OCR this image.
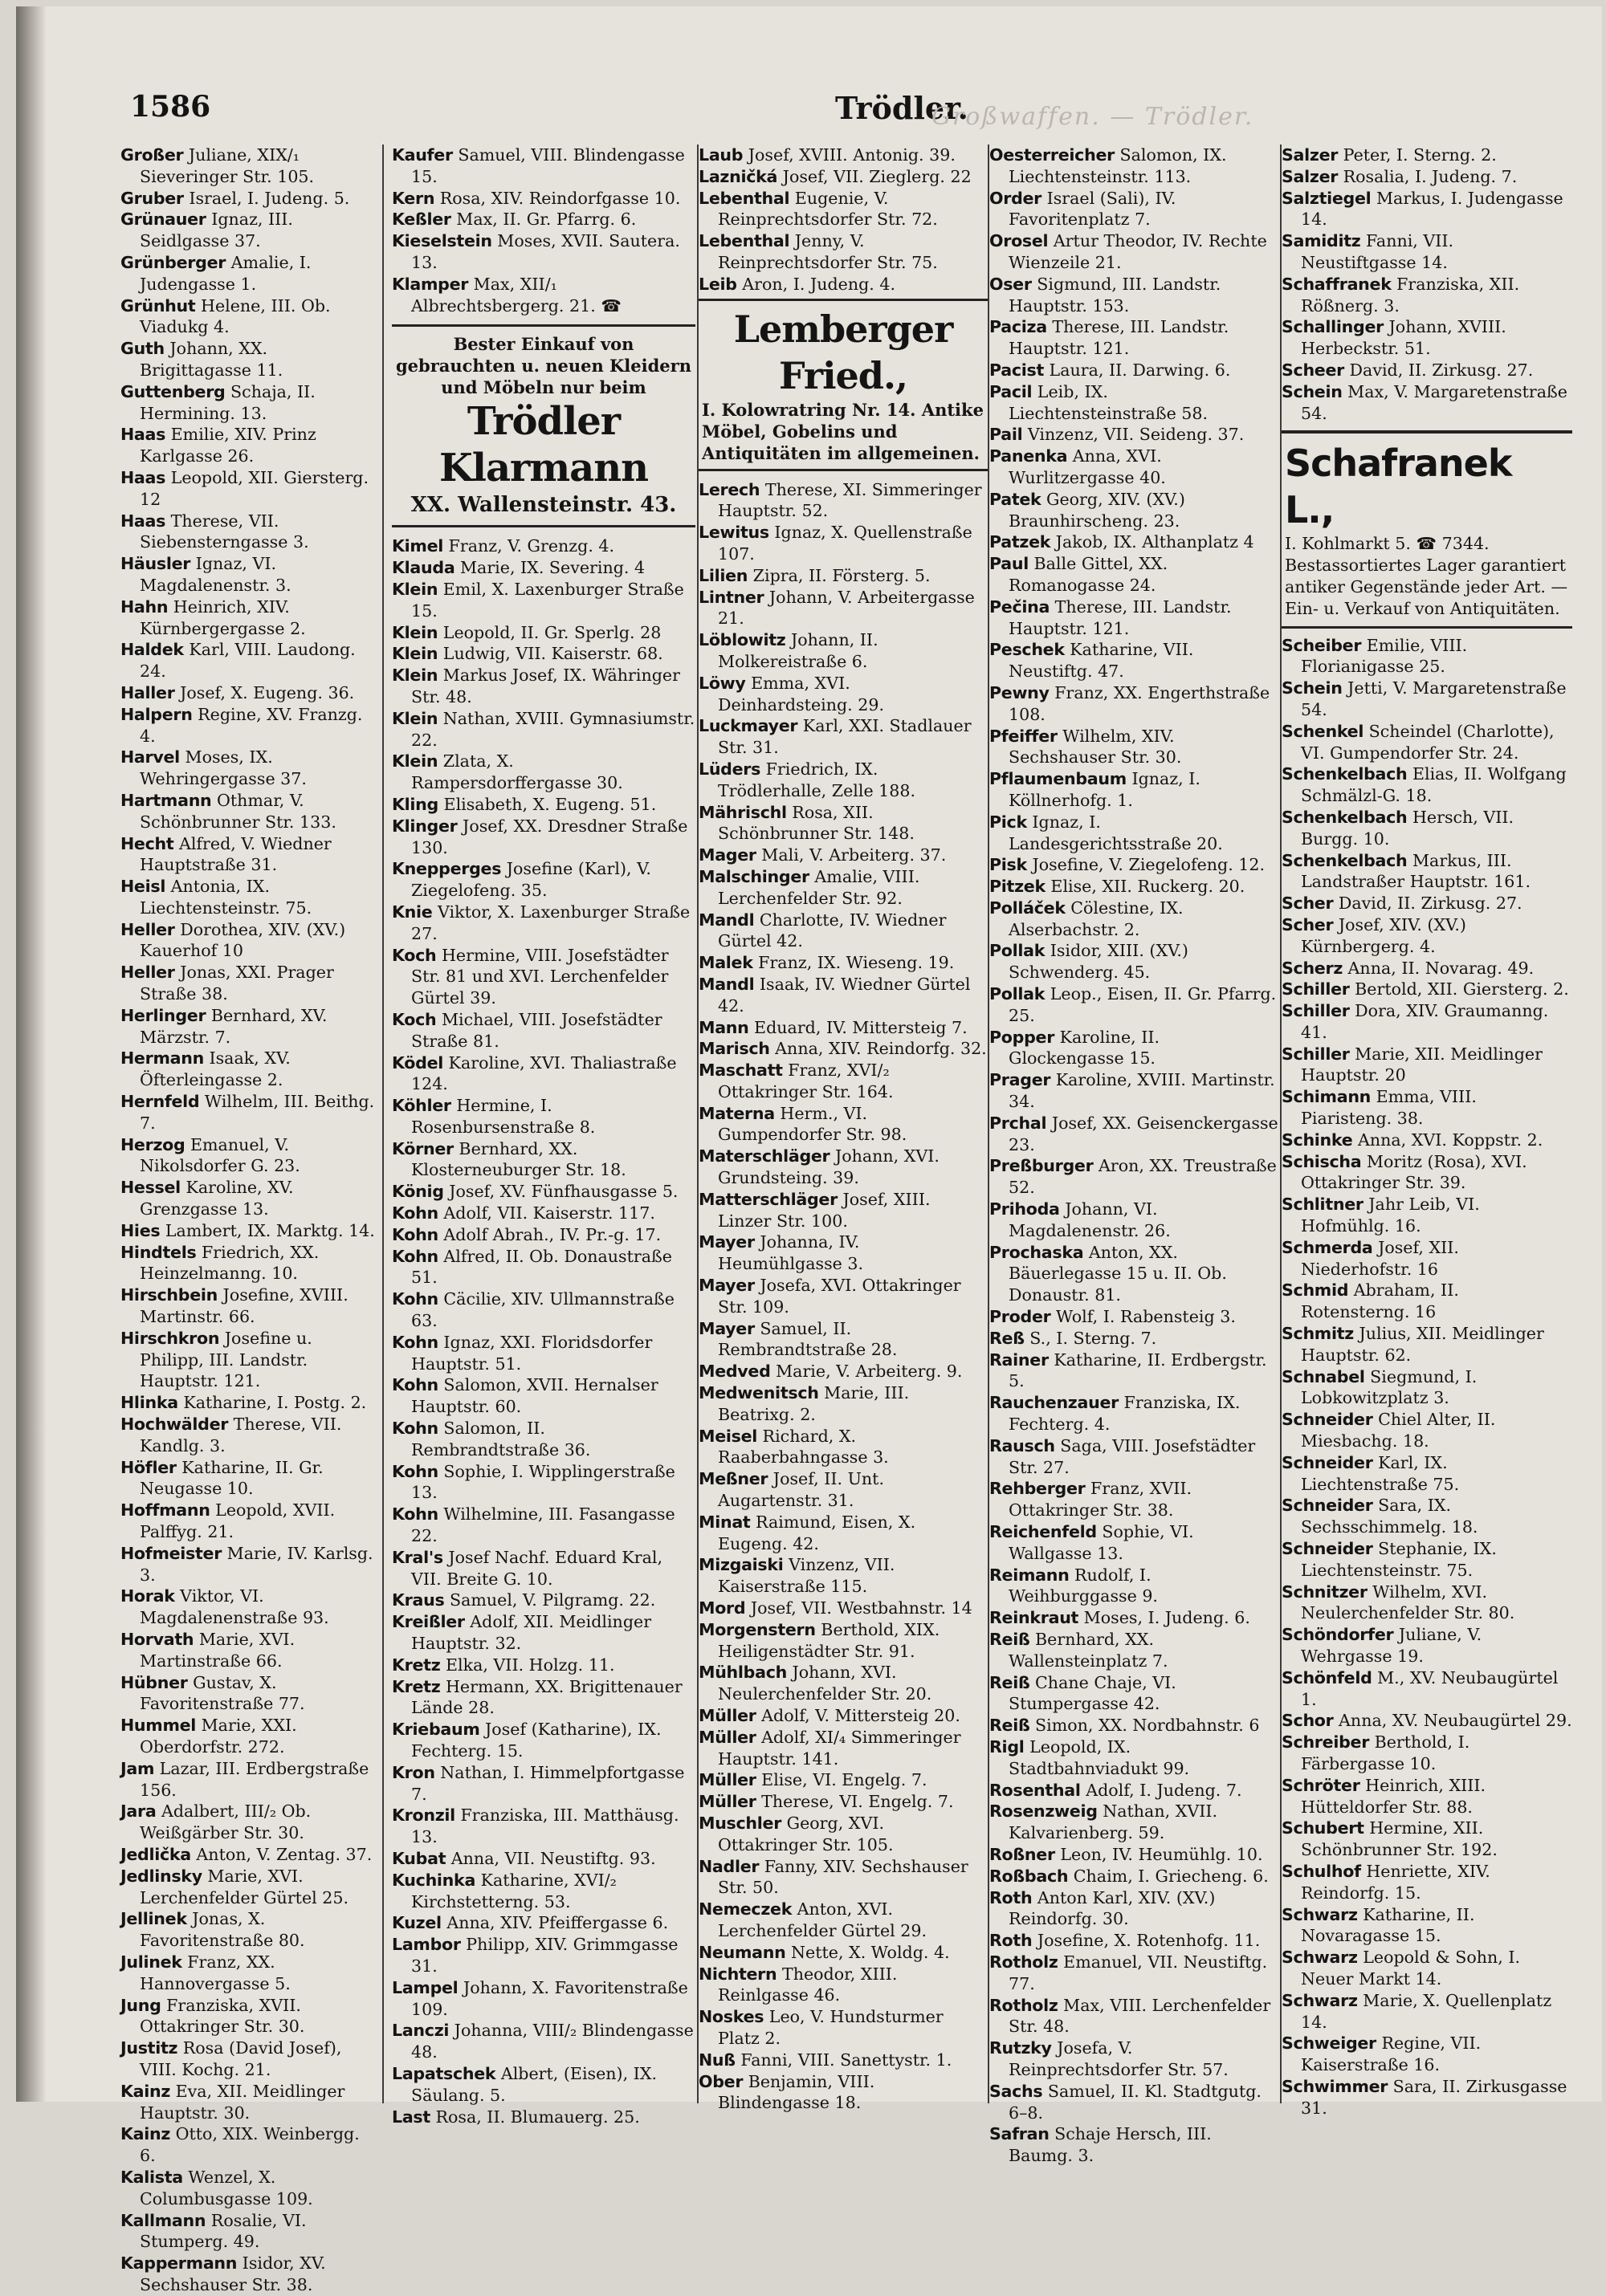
1586	Trödler.
Großwaffen. — Trödler.

Großer Juliane, XIX/₁ Sieveringer Str. 105.

Gruber Israel, I. Judeng. 5.

Grünauer Ignaz, III. Seidlgasse 37.

Grünberger Amalie, I. Judengasse 1.

Grünhut Helene, III. Ob. Viadukg 4.

Guth Johann, XX. Brigittagasse 11.

Guttenberg Schaja, II. Hermining. 13.

Haas Emilie, XIV. Prinz Karlgasse 26.

Haas Leopold, XII. Giersterg. 12

Haas Therese, VII. Siebensterngasse 3.

Häusler Ignaz, VI. Magdalenenstr. 3.

Hahn Heinrich, XIV. Kürnbergergasse 2.

Haldek Karl, VIII. Laudong. 24.

Haller Josef, X. Eugeng. 36.

Halpern Regine, XV. Franzg. 4.

Harvel Moses, IX. Wehringergasse 37.

Hartmann Othmar, V. Schönbrunner Str. 133.

Hecht Alfred, V. Wiedner Hauptstraße 31.

Heisl Antonia, IX. Liechtensteinstr. 75.

Heller Dorothea, XIV. (XV.) Kauerhof 10

Heller Jonas, XXI. Prager Straße 38.

Herlinger Bernhard, XV. Märzstr. 7.

Hermann Isaak, XV. Öfterleingasse 2.

Hernfeld Wilhelm, III. Beithg. 7.

Herzog Emanuel, V. Nikolsdorfer G. 23.

Hessel Karoline, XV. Grenzgasse 13.

Hies Lambert, IX. Marktg. 14.

Hindtels Friedrich, XX. Heinzelmanng. 10.

Hirschbein Josefine, XVIII. Martinstr. 66.

Hirschkron Josefine u. Philipp, III. Landstr. Hauptstr. 121.

Hlinka Katharine, I. Postg. 2.

Hochwälder Therese, VII. Kandlg. 3.

Höfler Katharine, II. Gr. Neugasse 10.

Hoffmann Leopold, XVII. Palffyg. 21.

Hofmeister Marie, IV. Karlsg. 3.

Horak Viktor, VI. Magdalenenstraße 93.

Horvath Marie, XVI. Martinstraße 66.

Hübner Gustav, X. Favoritenstraße 77.

Hummel Marie, XXI. Oberdorfstr. 272.

Jam Lazar, III. Erdbergstraße 156.

Jara Adalbert, III/₂ Ob. Weißgärber Str. 30.

Jedlička Anton, V. Zentag. 37.

Jedlinsky Marie, XVI. Lerchenfelder Gürtel 25.

Jellinek Jonas, X. Favoritenstraße 80.

Julinek Franz, XX. Hannovergasse 5.

Jung Franziska, XVII. Ottakringer Str. 30.

Justitz Rosa (David Josef), VIII. Kochg. 21.

Kainz Eva, XII. Meidlinger Hauptstr. 30.

Kainz Otto, XIX. Weinbergg. 6.

Kalista Wenzel, X. Columbusgasse 109.

Kallmann Rosalie, VI. Stumperg. 49.

Kappermann Isidor, XV. Sechshauser Str. 38.

Kaufer Samuel, VIII. Blindengasse 15.

Kern Rosa, XIV. Reindorfgasse 10.

Keßler Max, II. Gr. Pfarrg. 6.

Kieselstein Moses, XVII. Sautera. 13.

Klamper Max, XII/₁ Albrechtsbergerg. 21. ☎

Bester Einkauf von gebrauchten u. neuen Kleidern und Möbeln nur beim
Trödler Klarmann
XX. Wallensteinstr. 43.

Kimel Franz, V. Grenzg. 4.

Klauda Marie, IX. Severing. 4

Klein Emil, X. Laxenburger Straße 15.

Klein Leopold, II. Gr. Sperlg. 28

Klein Ludwig, VII. Kaiserstr. 68.

Klein Markus Josef, IX. Währinger Str. 48.

Klein Nathan, XVIII. Gymnasiumstr. 22.

Klein Zlata, X. Rampersdorffergasse 30.

Kling Elisabeth, X. Eugeng. 51.

Klinger Josef, XX. Dresdner Straße 130.

Knepperges Josefine (Karl), V. Ziegelofeng. 35.

Knie Viktor, X. Laxenburger Straße 27.

Koch Hermine, VIII. Josefstädter Str. 81 und XVI. Lerchenfelder Gürtel 39.

Koch Michael, VIII. Josefstädter Straße 81.

Ködel Karoline, XVI. Thaliastraße 124.

Köhler Hermine, I. Rosenbursenstraße 8.

Körner Bernhard, XX. Klosterneuburger Str. 18.

König Josef, XV. Fünfhausgasse 5.

Kohn Adolf, VII. Kaiserstr. 117.

Kohn Adolf Abrah., IV. Pr.-g. 17.

Kohn Alfred, II. Ob. Donaustraße 51.

Kohn Cäcilie, XIV. Ullmannstraße 63.

Kohn Ignaz, XXI. Floridsdorfer Hauptstr. 51.

Kohn Salomon, XVII. Hernalser Hauptstr. 60.

Kohn Salomon, II. Rembrandtstraße 36.

Kohn Sophie, I. Wipplingerstraße 13.

Kohn Wilhelmine, III. Fasangasse 22.

Kral's Josef Nachf. Eduard Kral, VII. Breite G. 10.

Kraus Samuel, V. Pilgramg. 22.

Kreißler Adolf, XII. Meidlinger Hauptstr. 32.

Kretz Elka, VII. Holzg. 11.

Kretz Hermann, XX. Brigittenauer Lände 28.

Kriebaum Josef (Katharine), IX. Fechterg. 15.

Kron Nathan, I. Himmelpfortgasse 7.

Kronzil Franziska, III. Matthäusg. 13.

Kubat Anna, VII. Neustiftg. 93.

Kuchinka Katharine, XVI/₂ Kirchstetterng. 53.

Kuzel Anna, XIV. Pfeiffergasse 6.

Lambor Philipp, XIV. Grimmgasse 31.

Lampel Johann, X. Favoritenstraße 109.

Lanczi Johanna, VIII/₂ Blindengasse 48.

Lapatschek Albert, (Eisen), IX. Säulang. 5.

Last Rosa, II. Blumauerg. 25.

Laub Josef, XVIII. Antonig. 39.

Lazničká Josef, VII. Zieglerg. 22

Lebenthal Eugenie, V. Reinprechtsdorfer Str. 72.

Lebenthal Jenny, V. Reinprechtsdorfer Str. 75.

Leib Aron, I. Judeng. 4.

Lemberger Fried.,
I. Kolowratring Nr. 14. Antike Möbel, Gobelins und Antiquitäten im allgemeinen.

Lerech Therese, XI. Simmeringer Hauptstr. 52.

Lewitus Ignaz, X. Quellenstraße 107.

Lilien Zipra, II. Försterg. 5.

Lintner Johann, V. Arbeitergasse 21.

Löblowitz Johann, II. Molkereistraße 6.

Löwy Emma, XVI. Deinhardsteing. 29.

Luckmayer Karl, XXI. Stadlauer Str. 31.

Lüders Friedrich, IX. Trödlerhalle, Zelle 188.

Mährischl Rosa, XII. Schönbrunner Str. 148.

Mager Mali, V. Arbeiterg. 37.

Malschinger Amalie, VIII. Lerchenfelder Str. 92.

Mandl Charlotte, IV. Wiedner Gürtel 42.

Malek Franz, IX. Wieseng. 19.

Mandl Isaak, IV. Wiedner Gürtel 42.

Mann Eduard, IV. Mittersteig 7.

Marisch Anna, XIV. Reindorfg. 32.

Maschatt Franz, XVI/₂ Ottakringer Str. 164.

Materna Herm., VI. Gumpendorfer Str. 98.

Materschläger Johann, XVI. Grundsteing. 39.

Matterschläger Josef, XIII. Linzer Str. 100.

Mayer Johanna, IV. Heumühlgasse 3.

Mayer Josefa, XVI. Ottakringer Str. 109.

Mayer Samuel, II. Rembrandtstraße 28.

Medved Marie, V. Arbeiterg. 9.

Medwenitsch Marie, III. Beatrixg. 2.

Meisel Richard, X. Raaberbahngasse 3.

Meßner Josef, II. Unt. Augartenstr. 31.

Minat Raimund, Eisen, X. Eugeng. 42.

Mizgaiski Vinzenz, VII. Kaiserstraße 115.

Mord Josef, VII. Westbahnstr. 14

Morgenstern Berthold, XIX. Heiligenstädter Str. 91.

Mühlbach Johann, XVI. Neulerchenfelder Str. 20.

Müller Adolf, V. Mittersteig 20.

Müller Adolf, XI/₄ Simmeringer Hauptstr. 141.

Müller Elise, VI. Engelg. 7.

Müller Therese, VI. Engelg. 7.

Muschler Georg, XVI. Ottakringer Str. 105.

Nadler Fanny, XIV. Sechshauser Str. 50.

Nemeczek Anton, XVI. Lerchenfelder Gürtel 29.

Neumann Nette, X. Woldg. 4.

Nichtern Theodor, XIII. Reinlgasse 46.

Noskes Leo, V. Hundsturmer Platz 2.

Nuß Fanni, VIII. Sanettystr. 1.

Ober Benjamin, VIII. Blindengasse 18.

Oesterreicher Salomon, IX. Liechtensteinstr. 113.

Order Israel (Sali), IV. Favoritenplatz 7.

Orosel Artur Theodor, IV. Rechte Wienzeile 21.

Oser Sigmund, III. Landstr. Hauptstr. 153.

Paciza Therese, III. Landstr. Hauptstr. 121.

Pacist Laura, II. Darwing. 6.

Pacil Leib, IX. Liechtensteinstraße 58.

Pail Vinzenz, VII. Seideng. 37.

Panenka Anna, XVI. Wurlitzergasse 40.

Patek Georg, XIV. (XV.) Braunhirscheng. 23.

Patzek Jakob, IX. Althanplatz 4

Paul Balle Gittel, XX. Romanogasse 24.

Pečina Therese, III. Landstr. Hauptstr. 121.

Peschek Katharine, VII. Neustiftg. 47.

Pewny Franz, XX. Engerthstraße 108.

Pfeiffer Wilhelm, XIV. Sechshauser Str. 30.

Pflaumenbaum Ignaz, I. Köllnerhofg. 1.

Pick Ignaz, I. Landesgerichtsstraße 20.

Pisk Josefine, V. Ziegelofeng. 12.

Pitzek Elise, XII. Ruckerg. 20.

Polláček Cölestine, IX. Alserbachstr. 2.

Pollak Isidor, XIII. (XV.) Schwenderg. 45.

Pollak Leop., Eisen, II. Gr. Pfarrg. 25.

Popper Karoline, II. Glockengasse 15.

Prager Karoline, XVIII. Martinstr. 34.

Prchal Josef, XX. Geisenckergasse 23.

Preßburger Aron, XX. Treustraße 52.

Prihoda Johann, VI. Magdalenenstr. 26.

Prochaska Anton, XX. Bäuerlegasse 15 u. II. Ob. Donaustr. 81.

Proder Wolf, I. Rabensteig 3.

Reß S., I. Sterng. 7.

Rainer Katharine, II. Erdbergstr. 5.

Rauchenzauer Franziska, IX. Fechterg. 4.

Rausch Saga, VIII. Josefstädter Str. 27.

Rehberger Franz, XVII. Ottakringer Str. 38.

Reichenfeld Sophie, VI. Wallgasse 13.

Reimann Rudolf, I. Weihburggasse 9.

Reinkraut Moses, I. Judeng. 6.

Reiß Bernhard, XX. Wallensteinplatz 7.

Reiß Chane Chaje, VI. Stumpergasse 42.

Reiß Simon, XX. Nordbahnstr. 6

Rigl Leopold, IX. Stadtbahnviadukt 99.

Rosenthal Adolf, I. Judeng. 7.

Rosenzweig Nathan, XVII. Kalvarienberg. 59.

Roßner Leon, IV. Heumühlg. 10.

Roßbach Chaim, I. Griecheng. 6.

Roth Anton Karl, XIV. (XV.) Reindorfg. 30.

Roth Josefine, X. Rotenhofg. 11.

Rotholz Emanuel, VII. Neustiftg. 77.

Rotholz Max, VIII. Lerchenfelder Str. 48.

Rutzky Josefa, V. Reinprechtsdorfer Str. 57.

Sachs Samuel, II. Kl. Stadtgutg. 6–8.

Safran Schaje Hersch, III. Baumg. 3.

Salzer Peter, I. Sterng. 2.

Salzer Rosalia, I. Judeng. 7.

Salztiegel Markus, I. Judengasse 14.

Samiditz Fanni, VII. Neustiftgasse 14.

Schaffranek Franziska, XII. Rößnerg. 3.

Schallinger Johann, XVIII. Herbeckstr. 51.

Scheer David, II. Zirkusg. 27.

Schein Max, V. Margaretenstraße 54.

Schafranek L.,
I. Kohlmarkt 5. ☎ 7344. Bestassortiertes Lager garantiert antiker Gegenstände jeder Art. — Ein- u. Verkauf von Antiquitäten.

Scheiber Emilie, VIII. Florianigasse 25.

Schein Jetti, V. Margaretenstraße 54.

Schenkel Scheindel (Charlotte), VI. Gumpendorfer Str. 24.

Schenkelbach Elias, II. Wolfgang Schmälzl-G. 18.

Schenkelbach Hersch, VII. Burgg. 10.

Schenkelbach Markus, III. Landstraßer Hauptstr. 161.

Scher David, II. Zirkusg. 27.

Scher Josef, XIV. (XV.) Kürnbergerg. 4.

Scherz Anna, II. Novarag. 49.

Schiller Bertold, XII. Giersterg. 2.

Schiller Dora, XIV. Graumanng. 41.

Schiller Marie, XII. Meidlinger Hauptstr. 20

Schimann Emma, VIII. Piaristeng. 38.

Schinke Anna, XVI. Koppstr. 2.

Schischa Moritz (Rosa), XVI. Ottakringer Str. 39.

Schlitner Jahr Leib, VI. Hofmühlg. 16.

Schmerda Josef, XII. Niederhofstr. 16

Schmid Abraham, II. Rotensterng. 16

Schmitz Julius, XII. Meidlinger Hauptstr. 62.

Schnabel Siegmund, I. Lobkowitzplatz 3.

Schneider Chiel Alter, II. Miesbachg. 18.

Schneider Karl, IX. Liechtenstraße 75.

Schneider Sara, IX. Sechsschimmelg. 18.

Schneider Stephanie, IX. Liechtensteinstr. 75.

Schnitzer Wilhelm, XVI. Neulerchenfelder Str. 80.

Schöndorfer Juliane, V. Wehrgasse 19.

Schönfeld M., XV. Neubaugürtel 1.

Schor Anna, XV. Neubaugürtel 29.

Schreiber Berthold, I. Färbergasse 10.

Schröter Heinrich, XIII. Hütteldorfer Str. 88.

Schubert Hermine, XII. Schönbrunner Str. 192.

Schulhof Henriette, XIV. Reindorfg. 15.

Schwarz Katharine, II. Novaragasse 15.

Schwarz Leopold & Sohn, I. Neuer Markt 14.

Schwarz Marie, X. Quellenplatz 14.

Schweiger Regine, VII. Kaiserstraße 16.

Schwimmer Sara, II. Zirkusgasse 31.
